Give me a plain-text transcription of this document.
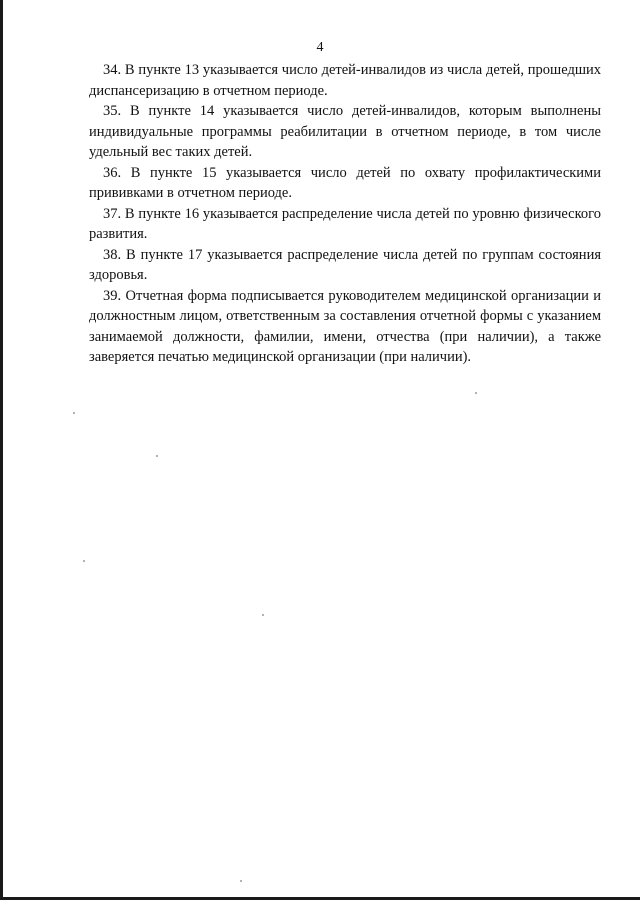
4

34. В пункте 13 указывается число детей-инвалидов из числа детей, прошедших диспансеризацию в отчетном периоде.

35. В пункте 14 указывается число детей-инвалидов, которым выполнены индивидуальные программы реабилитации в отчетном периоде, в том числе удельный вес таких детей.

36. В пункте 15 указывается число детей по охвату профилактическими прививками в отчетном периоде.

37. В пункте 16 указывается распределение числа детей по уровню физического развития.

38. В пункте 17 указывается распределение числа детей по группам состояния здоровья.

39. Отчетная форма подписывается руководителем медицинской организации и должностным лицом, ответственным за составления отчетной формы с указанием занимаемой должности, фамилии, имени, отчества (при наличии), а также заверяется печатью медицинской организации (при наличии).
